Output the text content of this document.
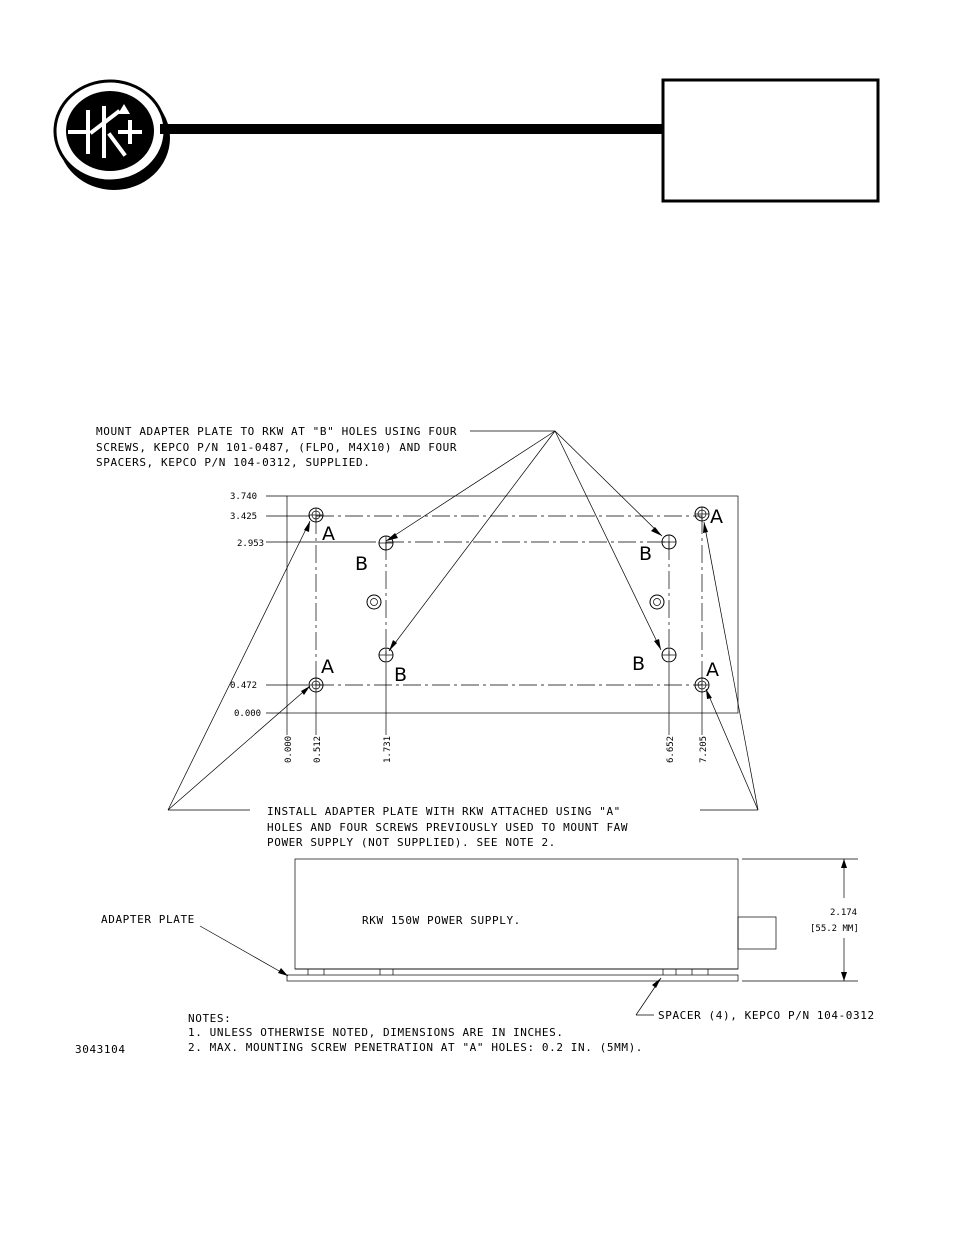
MOUNT ADAPTER PLATE TO RKW AT "B" HOLES USING FOUR
SCREWS, KEPCO P/N 101-0487, (FLPO, M4X10) AND FOUR
SPACERS, KEPCO P/N 104-0312, SUPPLIED.
A
A
A	A
B	B
B	B
3.740
3.425
2.953
0.472
0.000
0.000 0.512	1.731	6.652	7.205
INSTALL ADAPTER PLATE WITH RKW ATTACHED USING "A"
HOLES AND FOUR SCREWS PREVIOUSLY USED TO MOUNT FAW
POWER SUPPLY (NOT SUPPLIED). SEE NOTE 2.
RKW 150W POWER SUPPLY.
2.174
[55.2 MM]
ADAPTER PLATE
SPACER (4), KEPCO P/N 104-0312
NOTES:
1. UNLESS OTHERWISE NOTED, DIMENSIONS ARE IN INCHES.
2. MAX. MOUNTING SCREW PENETRATION AT "A" HOLES: 0.2 IN. (5MM).
3043104
